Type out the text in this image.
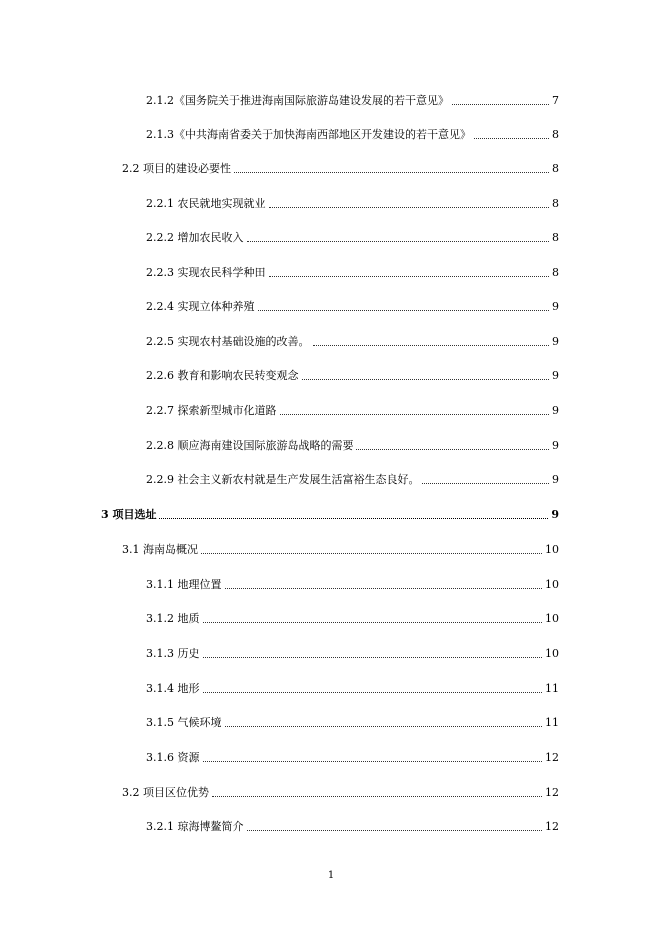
2.1.2《国务院关于推进海南国际旅游岛建设发展的若干意见》	7
2.1.3《中共海南省委关于加快海南西部地区开发建设的若干意见》	8
2.2 项目的建设必要性	8
2.2.1 农民就地实现就业	8
2.2.2 增加农民收入	8
2.2.3 实现农民科学种田	8
2.2.4 实现立体种养殖	9
2.2.5 实现农村基础设施的改善。	9
2.2.6 教育和影响农民转变观念	9
2.2.7 探索新型城市化道路	9
2.2.8 顺应海南建设国际旅游岛战略的需要	9
2.2.9 社会主义新农村就是生产发展生活富裕生态良好。	9
3 项目选址	9
3.1 海南岛概况	10
3.1.1 地理位置	10
3.1.2 地质	10
3.1.3 历史	10
3.1.4 地形	11
3.1.5 气候环境	11
3.1.6 资源	12
3.2 项目区位优势	12
3.2.1 琼海博鳌简介	12
1
